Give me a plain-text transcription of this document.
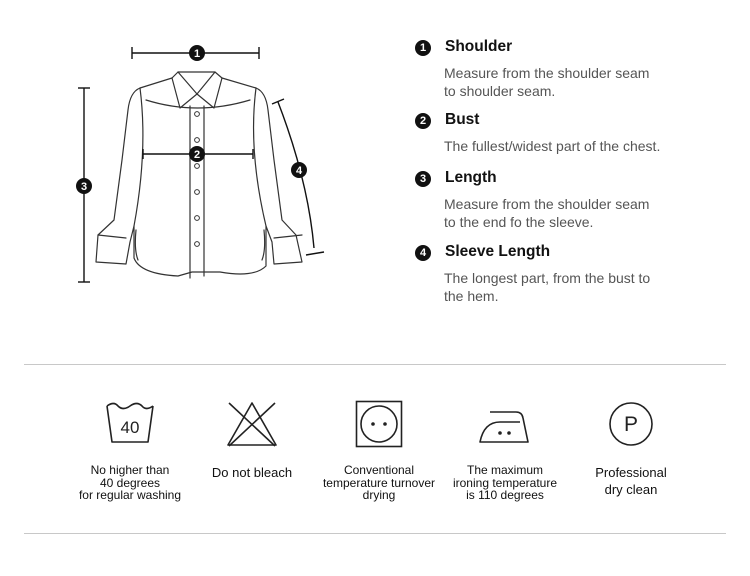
1
2
3
4
1	Shoulder
Measure from the shoulder seam
to shoulder seam.
2	Bust
The fullest/widest part of the chest.
3	Length
Measure from the shoulder seam
to the end fo the sleeve.
4	Sleeve Length
The longest part, from the bust to
the hem.
40
No higher than
40 degrees
for regular washing
Do not bleach	Conventional
temperature turnover
drying
The maximum
ironing temperature
is 110 degrees
P
Professional
dry clean
